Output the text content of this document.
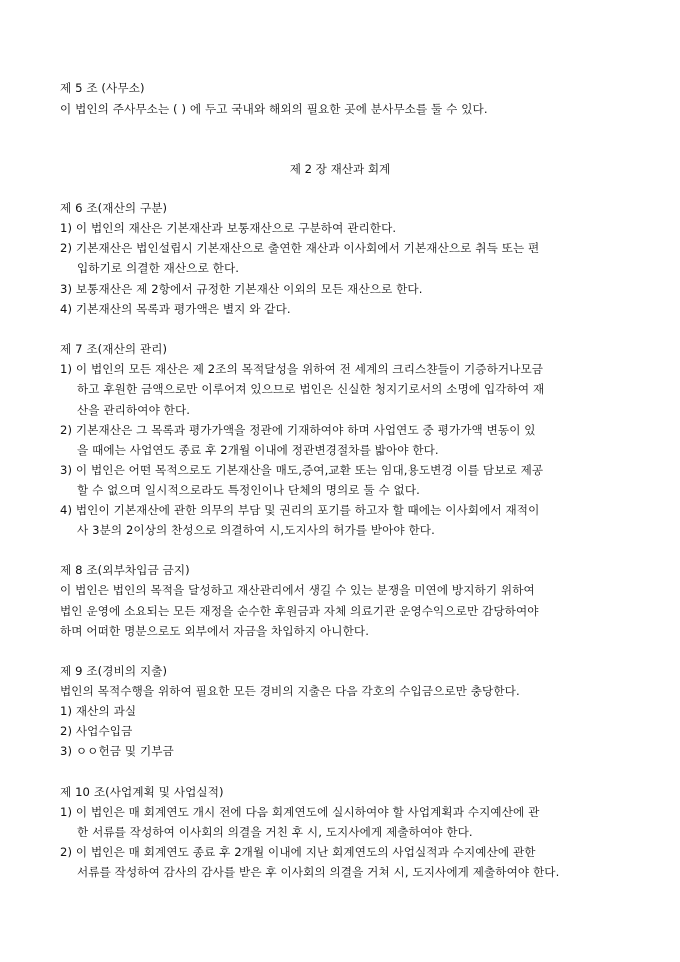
제 5 조 (사무소)
이 법인의 주사무소는 ( ) 에 두고 국내와 해외의 필요한 곳에 분사무소를 둘 수 있다.
제 2 장 재산과 회계
제 6 조(재산의 구분)
1) 이 법인의 재산은 기본재산과 보통재산으로 구분하여 관리한다.
2) 기본재산은 법인설립시 기본재산으로 출연한 재산과 이사회에서 기본재산으로 취득 또는 편
입하기로 의결한 재산으로 한다.
3) 보통재산은 제 2항에서 규정한 기본재산 이외의 모든 재산으로 한다.
4) 기본재산의 목록과 평가액은 별지 와 같다.
제 7 조(재산의 관리)
1) 이 법인의 모든 재산은 제 2조의 목적달성을 위하여 전 세계의 크리스챤들이 기증하거나모금
하고 후원한 금액으로만 이루어져 있으므로 법인은 신실한 청지기로서의 소명에 입각하여 재
산을 관리하여야 한다.
2) 기본재산은 그 목록과 평가가액을 정관에 기재하여야 하며 사업연도 중 평가가액 변동이 있
을 때에는 사업연도 종료 후 2개월 이내에 정관변경절차를 밟아야 한다.
3) 이 법인은 어떤 목적으로도 기본재산을 매도,증여,교환 또는 임대,용도변경 이를 담보로 제공
할 수 없으며 일시적으로라도 특정인이나 단체의 명의로 둘 수 없다.
4) 법인이 기본재산에 관한 의무의 부담 및 권리의 포기를 하고자 할 때에는 이사회에서 재적이
사 3분의 2이상의 찬성으로 의결하여 시,도지사의 허가를 받아야 한다.
제 8 조(외부차입금 금지)
이 법인은 법인의 목적을 달성하고 재산관리에서 생길 수 있는 분쟁을 미연에 방지하기 위하여
법인 운영에 소요되는 모든 재정을 순수한 후원금과 자체 의료기관 운영수익으로만 감당하여야
하며 어떠한 명분으로도 외부에서 자금을 차입하지 아니한다.
제 9 조(경비의 지출)
법인의 목적수행을 위하여 필요한 모든 경비의 지출은 다음 각호의 수입금으로만 충당한다.
1) 재산의 과실
2) 사업수입금
3) ㅇㅇ헌금 및 기부금
제 10 조(사업계획 및 사업실적)
1) 이 법인은 매 회계연도 개시 전에 다음 회계연도에 실시하여야 할 사업계획과 수지예산에 관
한 서류를 작성하여 이사회의 의결을 거친 후 시, 도지사에게 제출하여야 한다.
2) 이 법인은 매 회계연도 종료 후 2개월 이내에 지난 회계연도의 사업실적과 수지예산에 관한
서류를 작성하여 감사의 감사를 받은 후 이사회의 의결을 거쳐 시, 도지사에게 제출하여야 한다.
